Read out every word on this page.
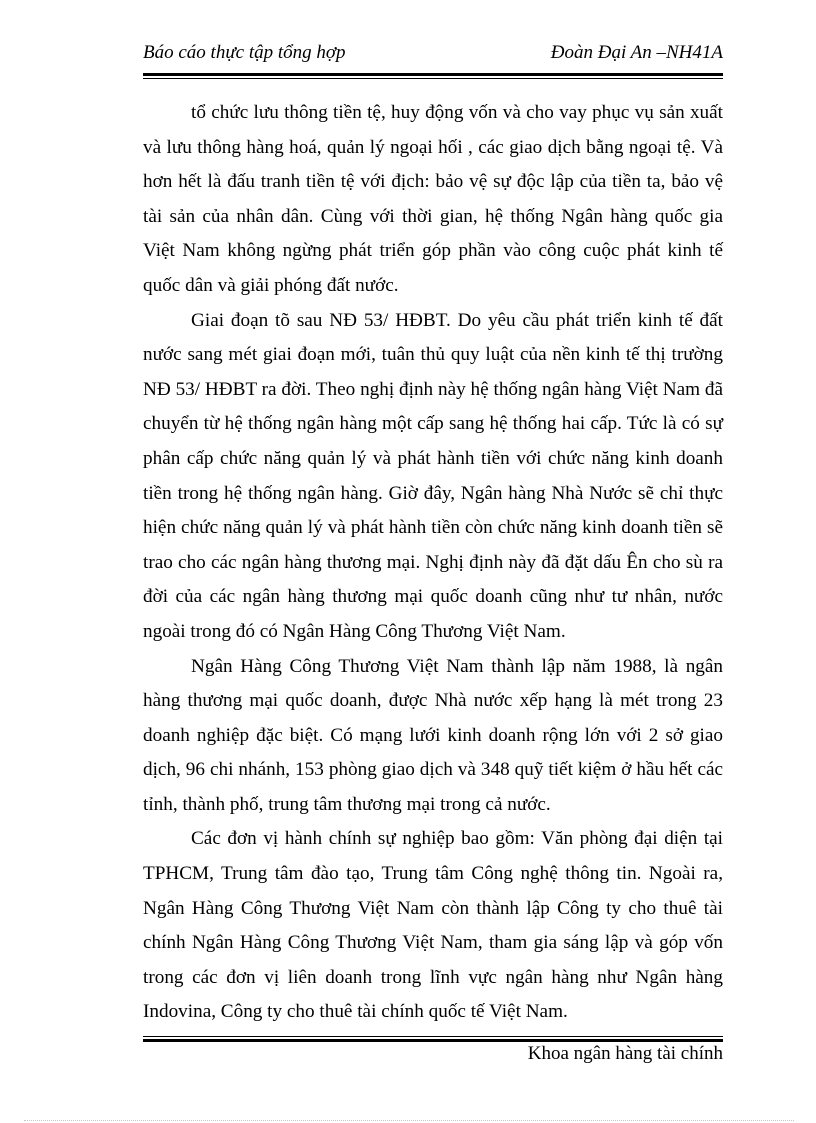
Báo cáo thực tập tổng hợp	Đoàn Đại An –NH41A

tổ chức lưu thông tiền tệ, huy động vốn và cho vay phục vụ sản xuất và lưu thông hàng hoá, quản lý ngoại hối , các giao dịch bằng ngoại tệ. Và hơn hết là đấu tranh tiền tệ với địch: bảo vệ sự độc lập của tiền ta, bảo vệ tài sản của nhân dân. Cùng với thời gian, hệ thống Ngân hàng quốc gia Việt Nam không ngừng phát triển góp phần vào công cuộc phát kinh tế quốc dân và giải phóng đất nước.

Giai đoạn tõ sau NĐ 53/ HĐBT. Do yêu cầu phát triển kinh tế đất nước sang mét giai đoạn mới, tuân thủ quy luật của nền kinh tế thị trường NĐ 53/ HĐBT ra đời. Theo nghị định này hệ thống ngân hàng Việt Nam đã chuyển từ hệ thống ngân hàng một cấp sang hệ thống hai cấp. Tức là có sự phân cấp chức năng quản lý và phát hành tiền với chức năng kinh doanh tiền trong hệ thống ngân hàng. Giờ đây, Ngân hàng Nhà Nước sẽ chỉ thực hiện chức năng quản lý và phát hành tiền còn chức năng kinh doanh tiền sẽ trao cho các ngân hàng thương mại. Nghị định này đã đặt dấu Ên cho sù ra đời của các ngân hàng thương mại quốc doanh cũng như tư nhân, nước ngoài trong đó có Ngân Hàng Công Thương Việt Nam.

Ngân Hàng Công Thương Việt Nam thành lập năm 1988, là ngân hàng thương mại quốc doanh, được Nhà nước xếp hạng là mét trong 23 doanh nghiệp đặc biệt. Có mạng lưới kinh doanh rộng lớn với 2 sở giao dịch, 96 chi nhánh, 153 phòng giao dịch và 348 quỹ tiết kiệm ở hầu hết các tỉnh, thành phố, trung tâm thương mại trong cả nước.

Các đơn vị hành chính sự nghiệp bao gồm: Văn phòng đại diện tại TPHCM, Trung tâm đào tạo, Trung tâm Công nghệ thông tin. Ngoài ra, Ngân Hàng Công Thương Việt Nam còn thành lập Công ty cho thuê tài chính Ngân Hàng Công Thương Việt Nam, tham gia sáng lập và góp vốn trong các đơn vị liên doanh trong lĩnh vực ngân hàng như Ngân hàng Indovina, Công ty cho thuê tài chính quốc tế Việt Nam.

Khoa ngân hàng tài chính
